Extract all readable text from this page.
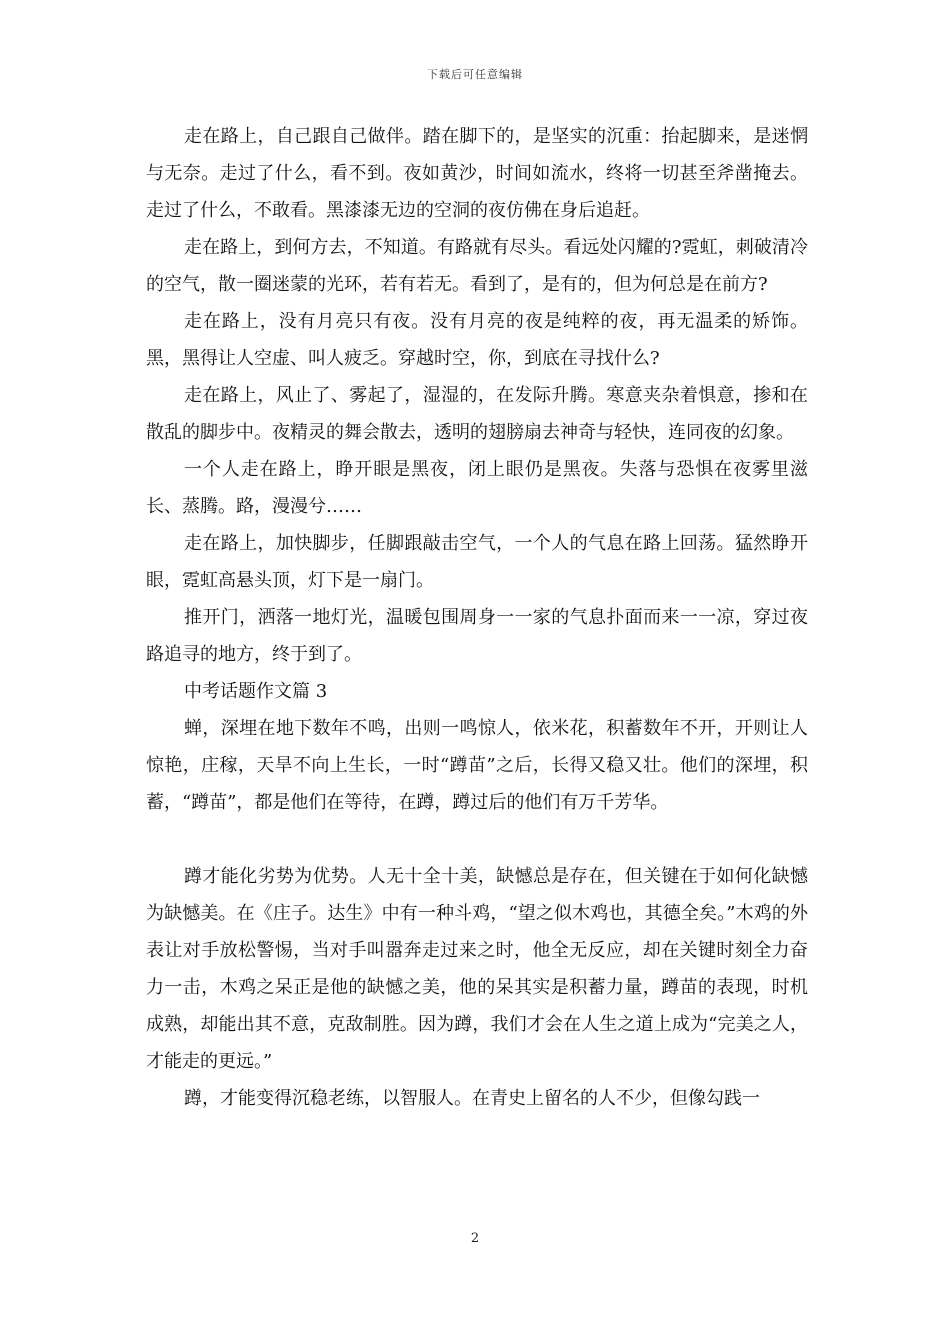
下载后可任意编辑

走在路上，自己跟自己做伴。踏在脚下的，是坚实的沉重：抬起脚来，是迷惘与无奈。走过了什么，看不到。夜如黄沙，时间如流水，终将一切甚至斧凿掩去。走过了什么，不敢看。黑漆漆无边的空洞的夜仿佛在身后追赶。

走在路上，到何方去，不知道。有路就有尽头。看远处闪耀的?霓虹，刺破清冷的空气，散一圈迷蒙的光环，若有若无。看到了，是有的，但为何总是在前方?

走在路上，没有月亮只有夜。没有月亮的夜是纯粹的夜，再无温柔的矫饰。黑，黑得让人空虚、叫人疲乏。穿越时空，你，到底在寻找什么?

走在路上，风止了、雾起了，湿湿的，在发际升腾。寒意夹杂着惧意，掺和在散乱的脚步中。夜精灵的舞会散去，透明的翅膀扇去神奇与轻快，连同夜的幻象。

一个人走在路上，睁开眼是黑夜，闭上眼仍是黑夜。失落与恐惧在夜雾里滋长、蒸腾。路，漫漫兮……

走在路上，加快脚步，任脚跟敲击空气，一个人的气息在路上回荡。猛然睁开眼，霓虹高悬头顶，灯下是一扇门。

推开门，洒落一地灯光，温暖包围周身一一家的气息扑面而来一一凉，穿过夜路追寻的地方，终于到了。

中考话题作文篇 3

蝉，深埋在地下数年不鸣，出则一鸣惊人，依米花，积蓄数年不开，开则让人惊艳，庄稼，天旱不向上生长，一时“蹲苗”之后，长得又稳又壮。他们的深埋，积蓄，“蹲苗”，都是他们在等待，在蹲，蹲过后的他们有万千芳华。

蹲才能化劣势为优势。人无十全十美，缺憾总是存在，但关键在于如何化缺憾为缺憾美。在《庄子。达生》中有一种斗鸡，“望之似木鸡也，其德全矣。”木鸡的外表让对手放松警惕，当对手叫嚣奔走过来之时，他全无反应，却在关键时刻全力奋力一击，木鸡之呆正是他的缺憾之美，他的呆其实是积蓄力量，蹲苗的表现，时机成熟，却能出其不意，克敌制胜。因为蹲，我们才会在人生之道上成为“完美之人，才能走的更远。”

蹲，才能变得沉稳老练，以智服人。在青史上留名的人不少，但像勾践一

2
